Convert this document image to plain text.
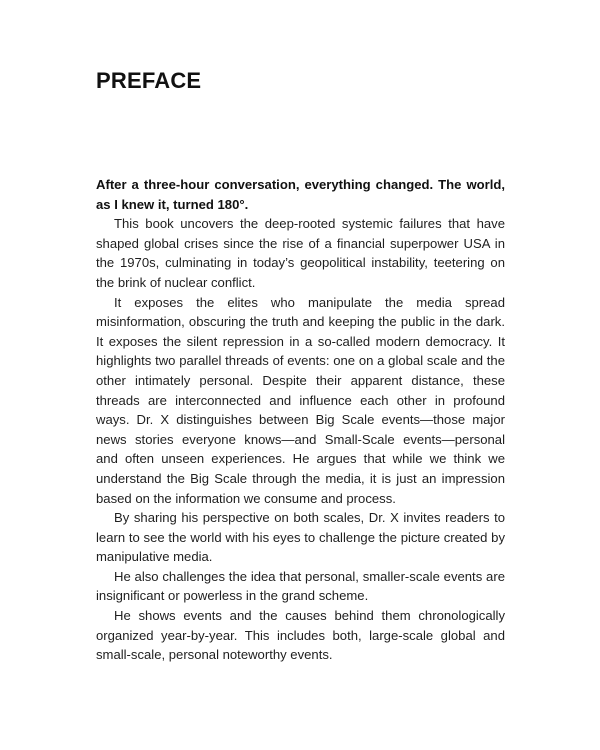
PREFACE

After a three-hour conversation, everything changed. The world, as I knew it, turned 180°.

This book uncovers the deep-rooted systemic failures that have shaped global crises since the rise of a financial superpower USA in the 1970s, culminating in today’s geopolitical instability, teetering on the brink of nuclear conflict.

It exposes the elites who manipulate the media spread misinformation, obscuring the truth and keeping the public in the dark. It exposes the silent repression in a so-called modern democracy. It highlights two parallel threads of events: one on a global scale and the other intimately personal. Despite their apparent distance, these threads are interconnected and influence each other in profound ways. Dr. X distinguishes between Big Scale events—those major news stories everyone knows—and Small-Scale events—personal and often unseen experiences. He argues that while we think we understand the Big Scale through the media, it is just an impression based on the information we consume and process.

By sharing his perspective on both scales, Dr. X invites readers to learn to see the world with his eyes to challenge the picture created by manipulative media.

He also challenges the idea that personal, smaller-scale events are insignificant or powerless in the grand scheme.

He shows events and the causes behind them chronologically organized year-by-year. This includes both, large-scale global and small-scale, personal noteworthy events.
